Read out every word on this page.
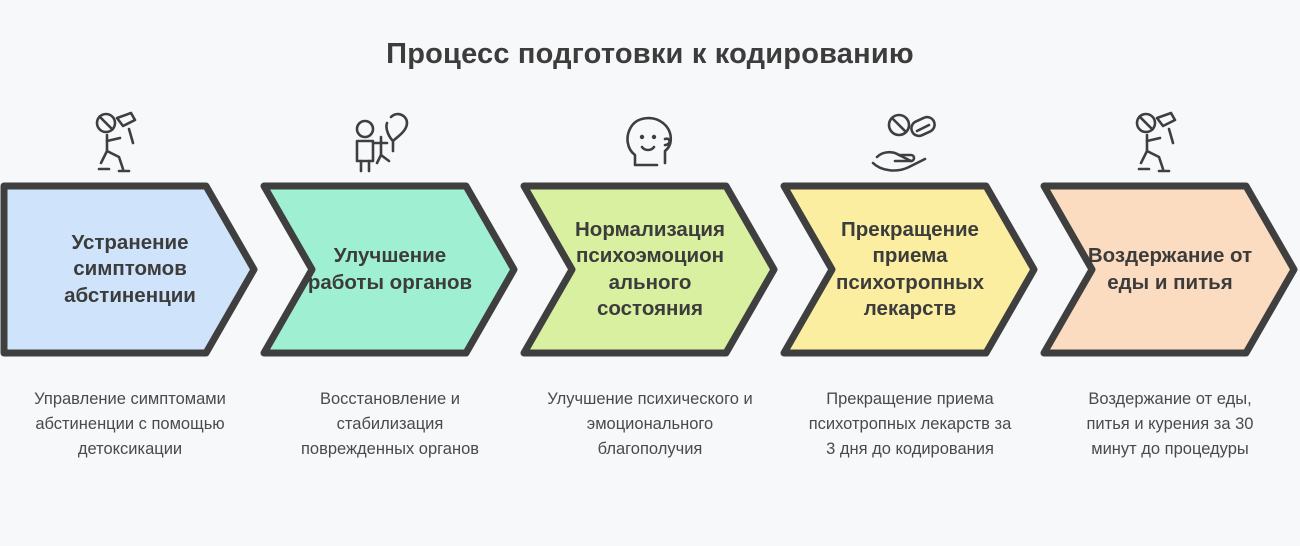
Процесс подготовки к кодированию
Устранение симптомов абстиненции
Управление симптомами абстиненции с помощью детоксикации
Улучшение работы органов
Восстановление и стабилизация поврежденных органов
Нормализация психоэмоцион ального состояния
Улучшение психического и эмоционального благополучия
Прекращение приема психотропных лекарств
Прекращение приема психотропных лекарств за 3 дня до кодирования
Воздержание от еды и питья
Воздержание от еды, питья и курения за 30 минут до процедуры
